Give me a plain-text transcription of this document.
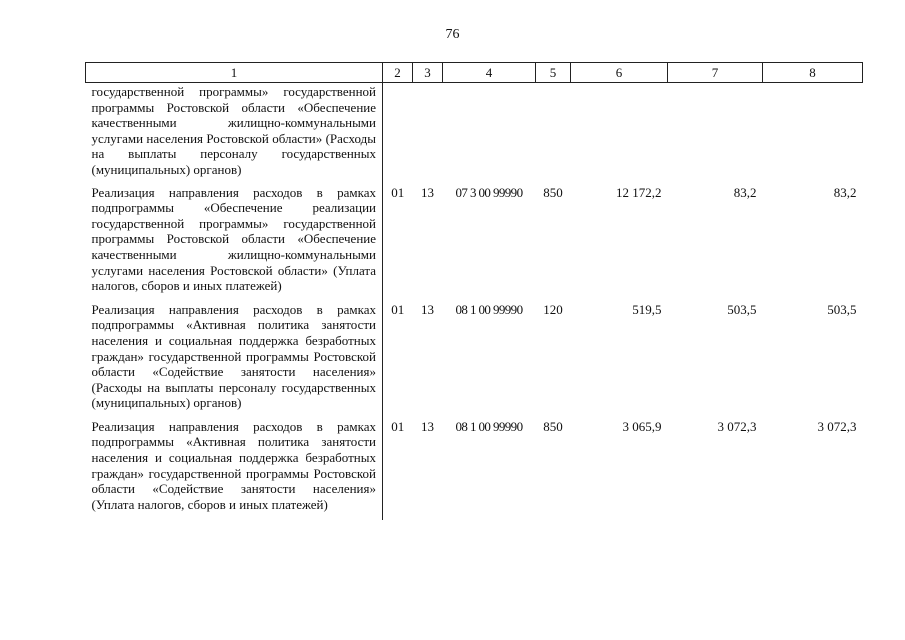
76
1	2	3	4	5	6	7	8
государственной программы» государственной программы Ростовской области «Обеспечение качественными жилищно-коммунальными услугами населения Ростовской области» (Расходы на выплаты персоналу государственных (муниципальных) органов)							
Реализация направления расходов в рамках подпрограммы «Обеспечение реализации государственной программы» государственной программы Ростовской области «Обеспечение качественными жилищно-коммунальными услугами населения Ростовской области» (Уплата налогов, сборов и иных платежей)	01	13	07 3 00 99990	850	12 172,2	83,2	83,2
Реализация направления расходов в рамках подпрограммы «Активная политика занятости населения и социальная поддержка безработных граждан» государственной программы Ростовской области «Содействие занятости населения» (Расходы на выплаты персоналу государственных (муниципальных) органов)	01	13	08 1 00 99990	120	519,5	503,5	503,5
Реализация направления расходов в рамках подпрограммы «Активная политика занятости населения и социальная поддержка безработных граждан» государственной программы Ростовской области «Содействие занятости населения» (Уплата налогов, сборов и иных платежей)	01	13	08 1 00 99990	850	3 065,9	3 072,3	3 072,3
